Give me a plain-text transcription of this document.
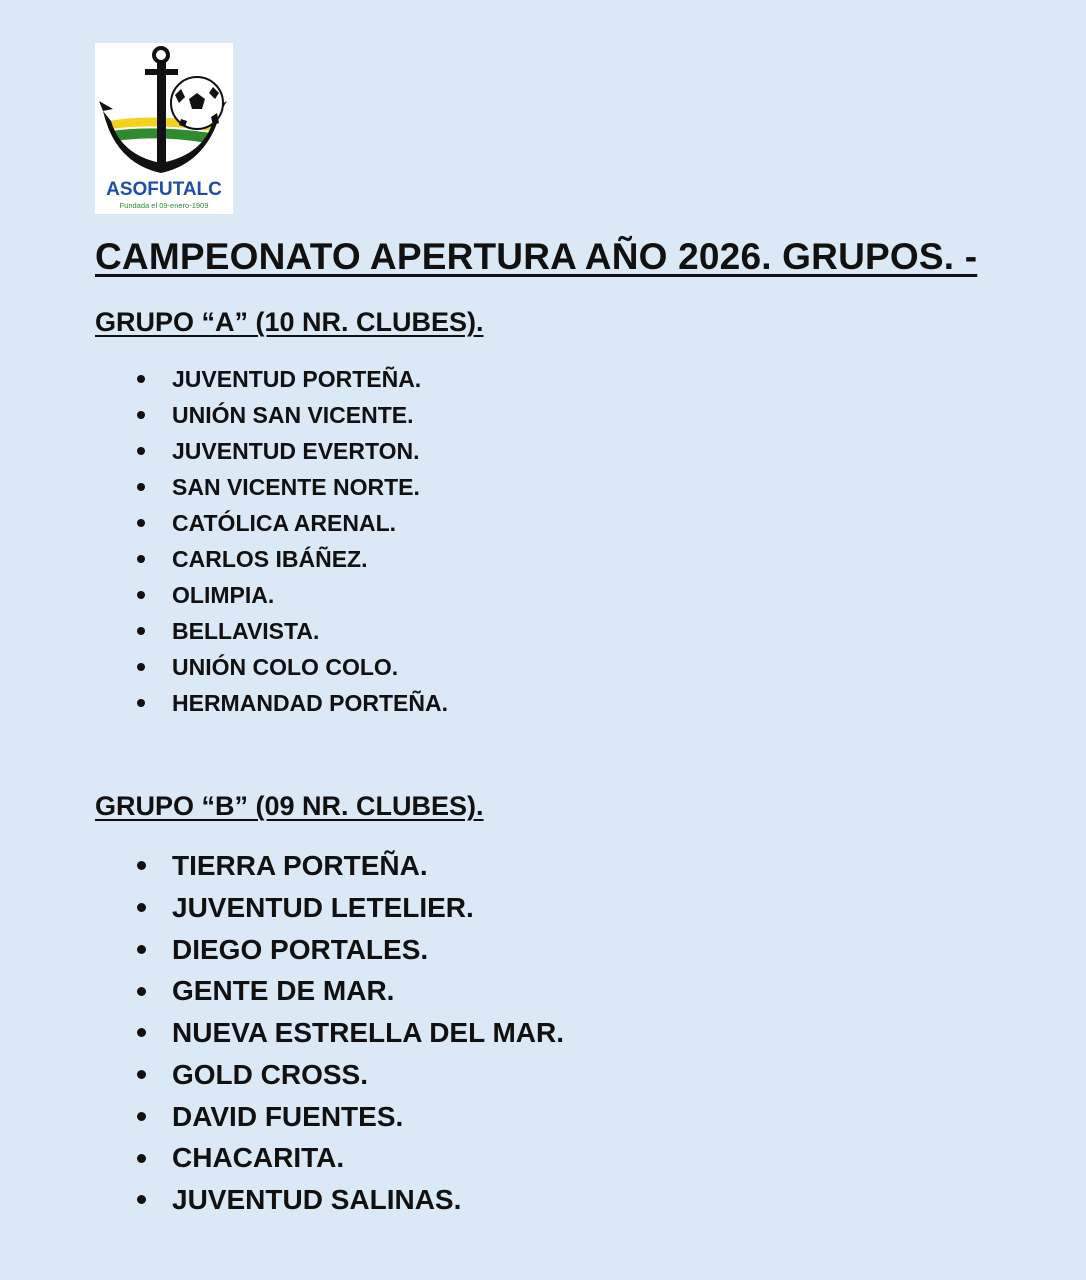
ASOFUTALC
Fundada el 09-enero-1909
CAMPEONATO APERTURA AÑO 2026. GRUPOS. -
GRUPO “A” (10 NR. CLUBES).
JUVENTUD PORTEÑA.
UNIÓN SAN VICENTE.
JUVENTUD EVERTON.
SAN VICENTE NORTE.
CATÓLICA ARENAL.
CARLOS IBÁÑEZ.
OLIMPIA.
BELLAVISTA.
UNIÓN COLO COLO.
HERMANDAD PORTEÑA.
GRUPO “B” (09 NR. CLUBES).
TIERRA PORTEÑA.
JUVENTUD LETELIER.
DIEGO PORTALES.
GENTE DE MAR.
NUEVA ESTRELLA DEL MAR.
GOLD CROSS.
DAVID FUENTES.
CHACARITA.
JUVENTUD SALINAS.
